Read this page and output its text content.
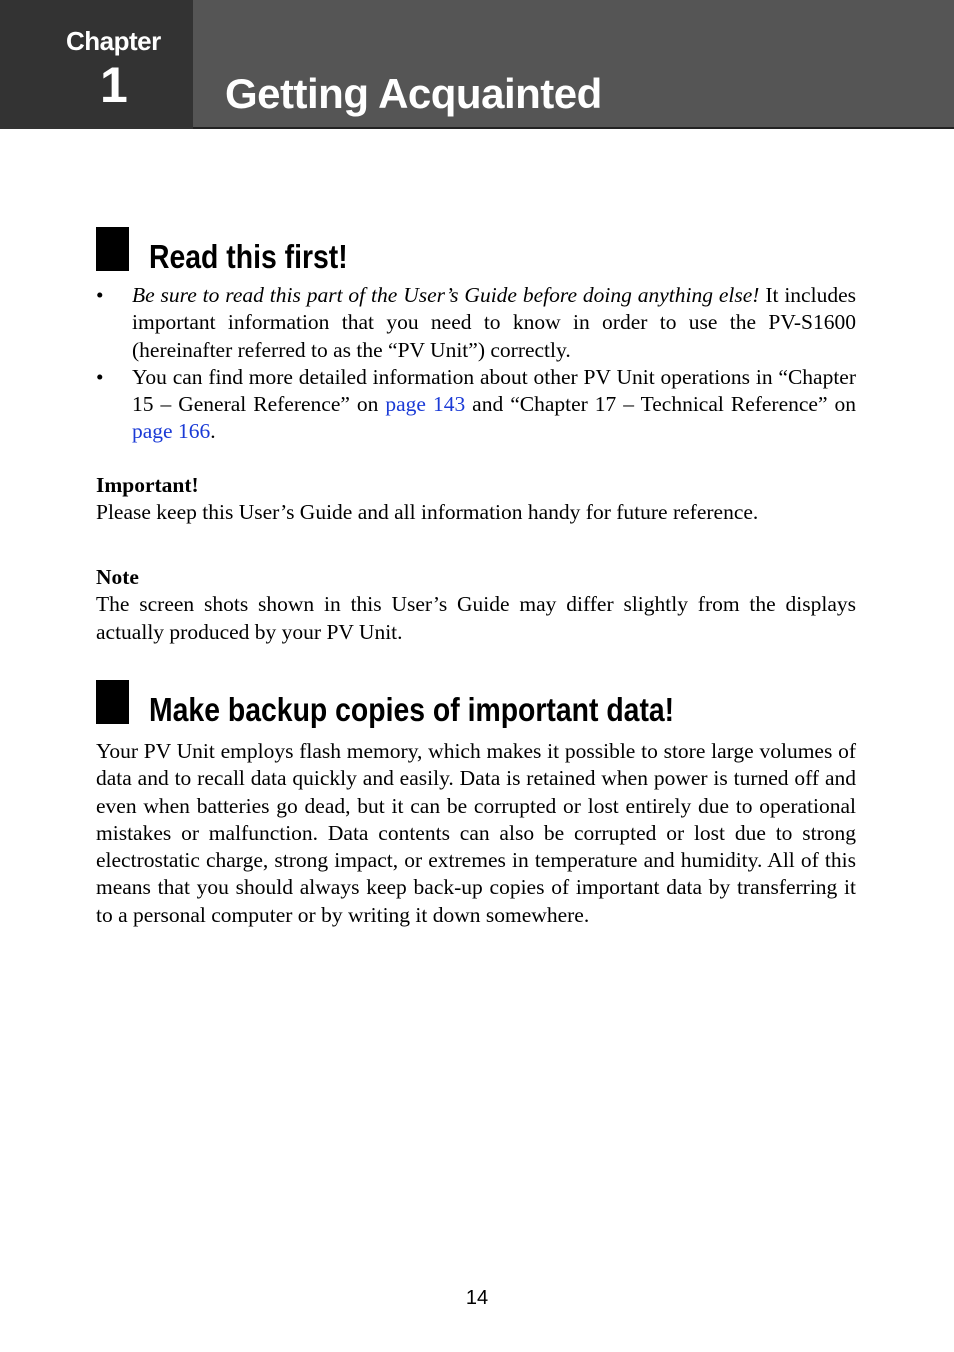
Chapter
1 Getting Acquainted
Read this first!
• Be sure to read this part of the User’s Guide before doing anything else! It includes important information that you need to know in order to use the PV-S1600 (hereinafter referred to as the “PV Unit”) correctly.
• You can find more detailed information about other PV Unit operations in “Chapter 15 – General Reference” on page 143 and “Chapter 17 – Technical Reference” on page 166.
Important!
Please keep this User’s Guide and all information handy for future reference.
Note
The screen shots shown in this User’s Guide may differ slightly from the displays actually produced by your PV Unit.
Make backup copies of important data!
Your PV Unit employs flash memory, which makes it possible to store large volumes of data and to recall data quickly and easily. Data is retained when power is turned off and even when batteries go dead, but it can be corrupted or lost entirely due to operational mistakes or malfunction. Data contents can also be corrupted or lost due to strong electrostatic charge, strong impact, or extremes in temperature and humidity. All of this means that you should always keep back-up copies of important data by transferring it to a personal computer or by writing it down somewhere.
14
